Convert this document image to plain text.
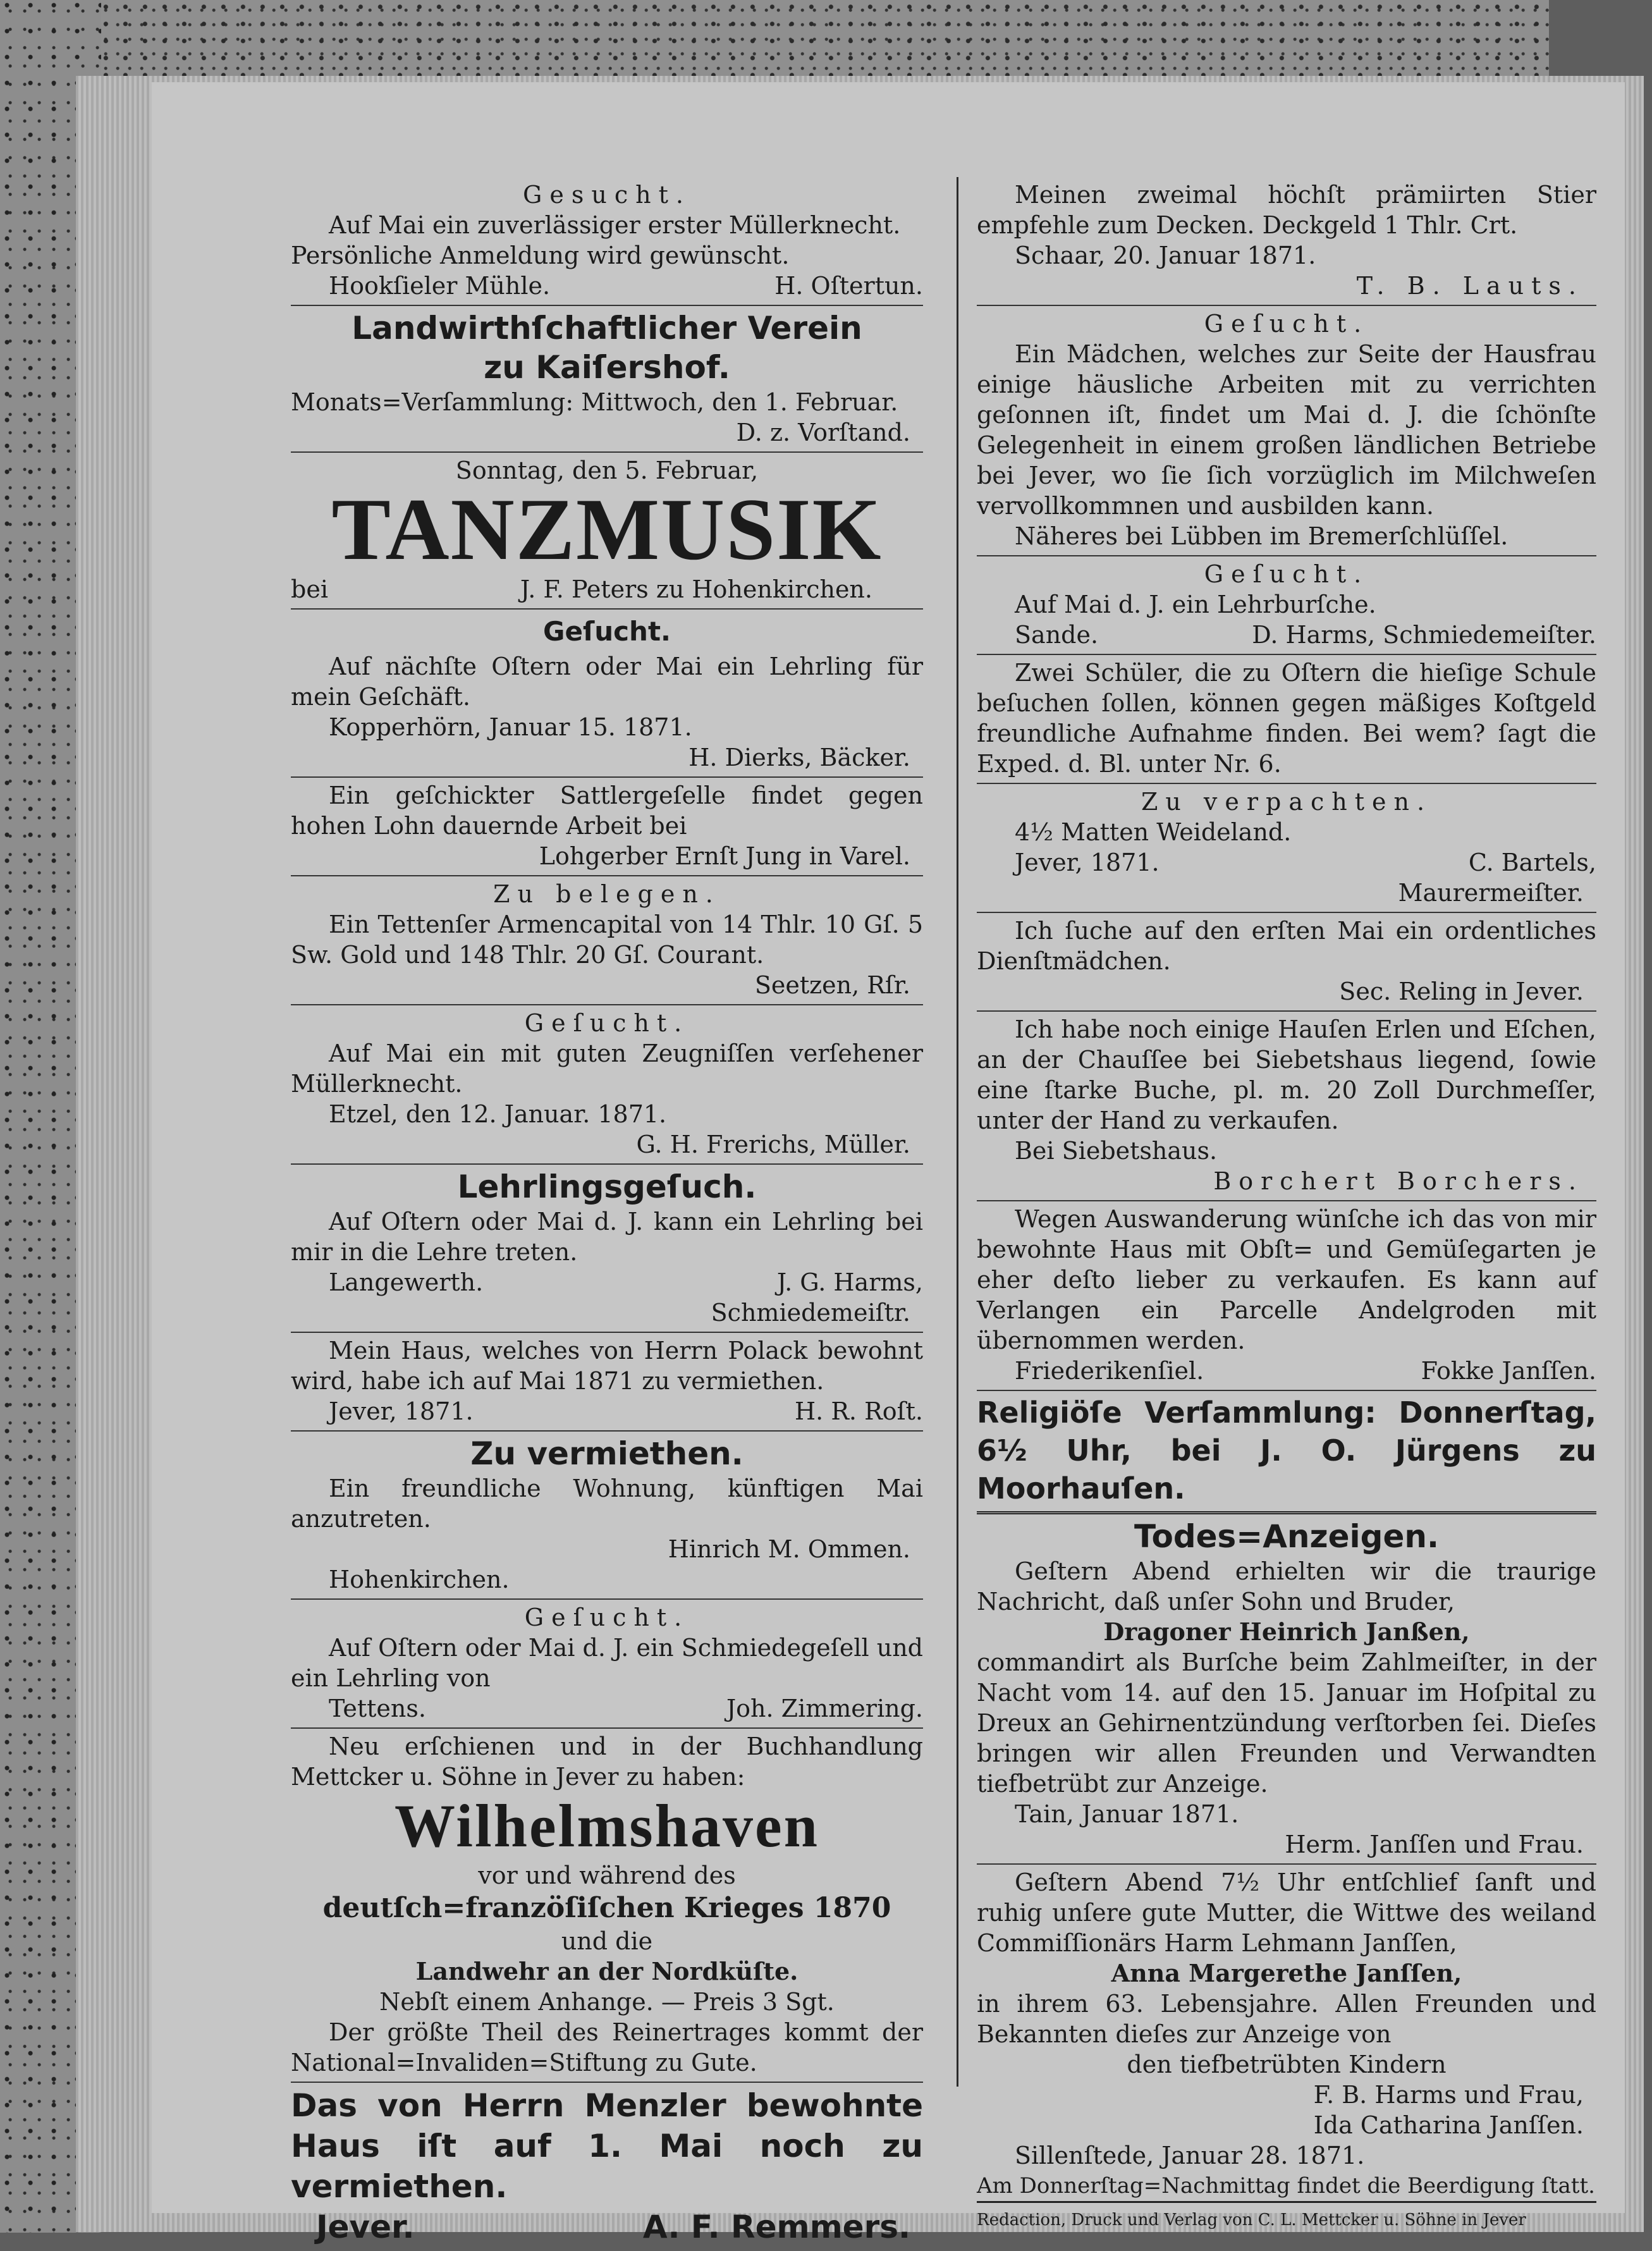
Gesucht.
Auf Mai ein zuverlässiger erster Müllerknecht.
Persönliche Anmeldung wird gewünscht.
Hookſieler Mühle.	H. Oſtertun.
Landwirthſchaftlicher Verein
zu Kaiſershof.
Monats=Verſammlung: Mittwoch, den 1. Februar.
D. z. Vorſtand.
Sonntag, den 5. Februar,
TANZMUSIK
bei	J. F. Peters zu Hohenkirchen.
Geſucht.
Auf nächſte Oſtern oder Mai ein Lehrling für mein Geſchäft.
Kopperhörn, Januar 15. 1871.
H. Dierks, Bäcker.
Ein geſchickter Sattlergeſelle findet gegen hohen Lohn dauernde Arbeit bei
Lohgerber Ernſt Jung in Varel.
Zu belegen.
Ein Tettenſer Armencapital von 14 Thlr. 10 Gſ. 5 Sw. Gold und 148 Thlr. 20 Gſ. Courant.
Seetzen, Rſr.
Geſucht.
Auf Mai ein mit guten Zeugniſſen verſehener Müllerknecht.
Etzel, den 12. Januar. 1871.
G. H. Frerichs, Müller.
Lehrlingsgeſuch.
Auf Oſtern oder Mai d. J. kann ein Lehrling bei mir in die Lehre treten.
Langewerth.	J. G. Harms,
Schmiedemeiſtr.
Mein Haus, welches von Herrn Polack bewohnt wird, habe ich auf Mai 1871 zu vermiethen.
Jever, 1871.	H. R. Roſt.
Zu vermiethen.
Ein freundliche Wohnung, künftigen Mai anzutreten.
Hinrich M. Ommen.
Hohenkirchen.
Geſucht.
Auf Oſtern oder Mai d. J. ein Schmiedegeſell und ein Lehrling von
Tettens.	Joh. Zimmering.
Neu erſchienen und in der Buchhandlung Mettcker u. Söhne in Jever zu haben:
Wilhelmshaven
vor und während des
deutſch=franzöſiſchen Krieges 1870
und die
Landwehr an der Nordküſte.
Nebſt einem Anhange. — Preis 3 Sgt.
Der größte Theil des Reinertrages kommt der National=Invaliden=Stiftung zu Gute.
Das von Herrn Menzler bewohnte Haus iſt auf 1. Mai noch zu vermiethen.
Jever.	A. F. Remmers.
Meinen zweimal höchſt prämiirten Stier empfehle zum Decken. Deckgeld 1 Thlr. Crt.
Schaar, 20. Januar 1871.
T. B. Lauts.
Geſucht.
Ein Mädchen, welches zur Seite der Hausfrau einige häusliche Arbeiten mit zu verrichten geſonnen iſt, findet um Mai d. J. die ſchönſte Gelegenheit in einem großen ländlichen Betriebe bei Jever, wo ſie ſich vorzüglich im Milchweſen vervollkommnen und ausbilden kann.
Näheres bei Lübben im Bremerſchlüſſel.
Geſucht.
Auf Mai d. J. ein Lehrburſche.
Sande.	D. Harms, Schmiedemeiſter.
Zwei Schüler, die zu Oſtern die hieſige Schule beſuchen ſollen, können gegen mäßiges Koſtgeld freundliche Aufnahme finden. Bei wem? ſagt die Exped. d. Bl. unter Nr. 6.
Zu verpachten.
4½ Matten Weideland.
Jever, 1871.	C. Bartels,
Maurermeiſter.
Ich ſuche auf den erſten Mai ein ordentliches Dienſtmädchen.
Sec. Reling in Jever.
Ich habe noch einige Hauſen Erlen und Eſchen, an der Chauſſee bei Siebetshaus liegend, ſowie eine ſtarke Buche, pl. m. 20 Zoll Durchmeſſer, unter der Hand zu verkaufen.
Bei Siebetshaus.
Borchert Borchers.
Wegen Auswanderung wünſche ich das von mir bewohnte Haus mit Obſt= und Gemüſegarten je eher deſto lieber zu verkaufen. Es kann auf Verlangen ein Parcelle Andelgroden mit übernommen werden.
Friederikenſiel.	Fokke Janſſen.
Religiöſe Verſammlung: Donnerſtag, 6½ Uhr, bei J. O. Jürgens zu Moorhauſen.
Todes=Anzeigen.
Geſtern Abend erhielten wir die traurige Nachricht, daß unſer Sohn und Bruder,
Dragoner Heinrich Janßen,
commandirt als Burſche beim Zahlmeiſter, in der Nacht vom 14. auf den 15. Januar im Hoſpital zu Dreux an Gehirnentzündung verſtorben ſei. Dieſes bringen wir allen Freunden und Verwandten tiefbetrübt zur Anzeige.
Tain, Januar 1871.
Herm. Janſſen und Frau.
Geſtern Abend 7½ Uhr entſchlief ſanft und ruhig unſere gute Mutter, die Wittwe des weiland Commiſſionärs Harm Lehmann Janſſen,
Anna Margerethe Janſſen,
in ihrem 63. Lebensjahre. Allen Freunden und Bekannten dieſes zur Anzeige von
den tiefbetrübten Kindern
F. B. Harms und Frau,
Ida Catharina Janſſen.
Sillenſtede, Januar 28. 1871.
Am Donnerſtag=Nachmittag findet die Beerdigung ſtatt.
Redaction, Druck und Verlag von C. L. Mettcker u. Söhne in Jever
